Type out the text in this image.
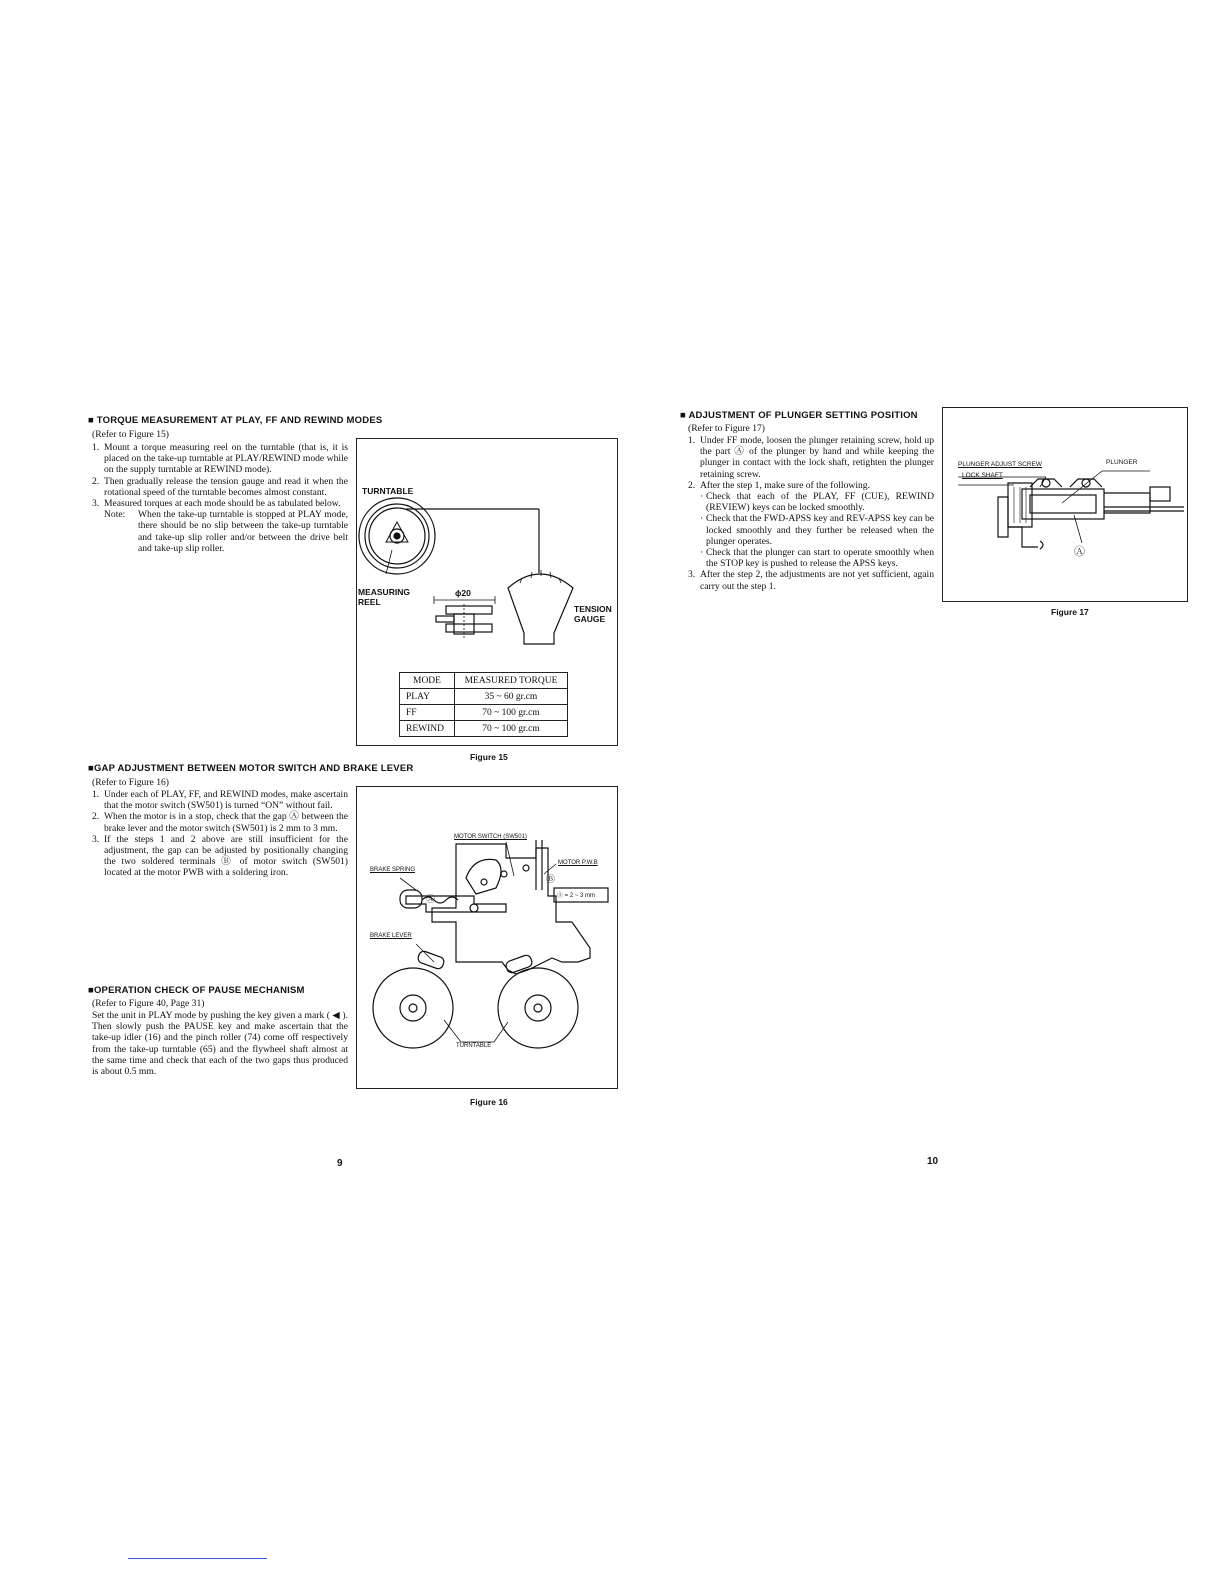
■ TORQUE MEASUREMENT AT PLAY, FF AND REWIND MODES
(Refer to Figure 15)
1. Mount a torque measuring reel on the turntable (that is, it is placed on the take-up turntable at PLAY/REWIND mode while on the supply turntable at REWIND mode).
2. Then gradually release the tension gauge and read it when the rotational speed of the turntable becomes almost constant.
3. Measured torques at each mode should be as tabulated below.
Note: When the take-up turntable is stopped at PLAY mode, there should be no slip between the take-up turntable and take-up slip roller and/or between the drive belt and take-up slip roller.
TURNTABLE
MEASURING
REEL
ϕ20
TENSION
GAUGE
MODE	MEASURED TORQUE
PLAY	35 ~ 60 gr.cm
FF	70 ~ 100 gr.cm
REWIND	70 ~ 100 gr.cm
Figure 15
■GAP ADJUSTMENT BETWEEN MOTOR SWITCH AND BRAKE LEVER
(Refer to Figure 16)
1. Under each of PLAY, FF, and REWIND modes, make ascertain that the motor switch (SW501) is turned “ON” without fail.
2. When the motor is in a stop, check that the gap Ⓐ between the brake lever and the motor switch (SW501) is 2 mm to 3 mm.
3. If the steps 1 and 2 above are still insufficient for the adjustment, the gap can be adjusted by positionally changing the two soldered terminals Ⓑ of motor switch (SW501) located at the motor PWB with a soldering iron.
MOTOR SWITCH (SW501)
MOTOR P.W.B
BRAKE SPRING
BRAKE LEVER
Ⓐ = 2 ~ 3 mm
TURNTABLE
Ⓐ
Ⓑ
Figure 16
■OPERATION CHECK OF PAUSE MECHANISM
(Refer to Figure 40, Page 31)

Set the unit in PLAY mode by pushing the key given a mark ( ◀ ). Then slowly push the PAUSE key and make ascertain that the take-up idler (16) and the pinch roller (74) come off respectively from the take-up turntable (65) and the flywheel shaft almost at the same time and check that each of the two gaps thus produced is about 0.5 mm.

9
■ ADJUSTMENT OF PLUNGER SETTING POSITION
(Refer to Figure 17)
1. Under FF mode, loosen the plunger retaining screw, hold up the part Ⓐ of the plunger by hand and while keeping the plunger in contact with the lock shaft, retighten the plunger retaining screw.
2. After the step 1, make sure of the following.
· Check that each of the PLAY, FF (CUE), REWIND (REVIEW) keys can be locked smoothly.
· Check that the FWD-APSS key and REV-APSS key can be locked smoothly and they further be released when the plunger operates.
· Check that the plunger can start to operate smoothly when the STOP key is pushed to release the APSS keys.
3. After the step 2, the adjustments are not yet sufficient, again carry out the step 1.
PLUNGER ADJUST SCREW	PLUNGER
LOCK SHAFT
Ⓐ
Figure 17
10
